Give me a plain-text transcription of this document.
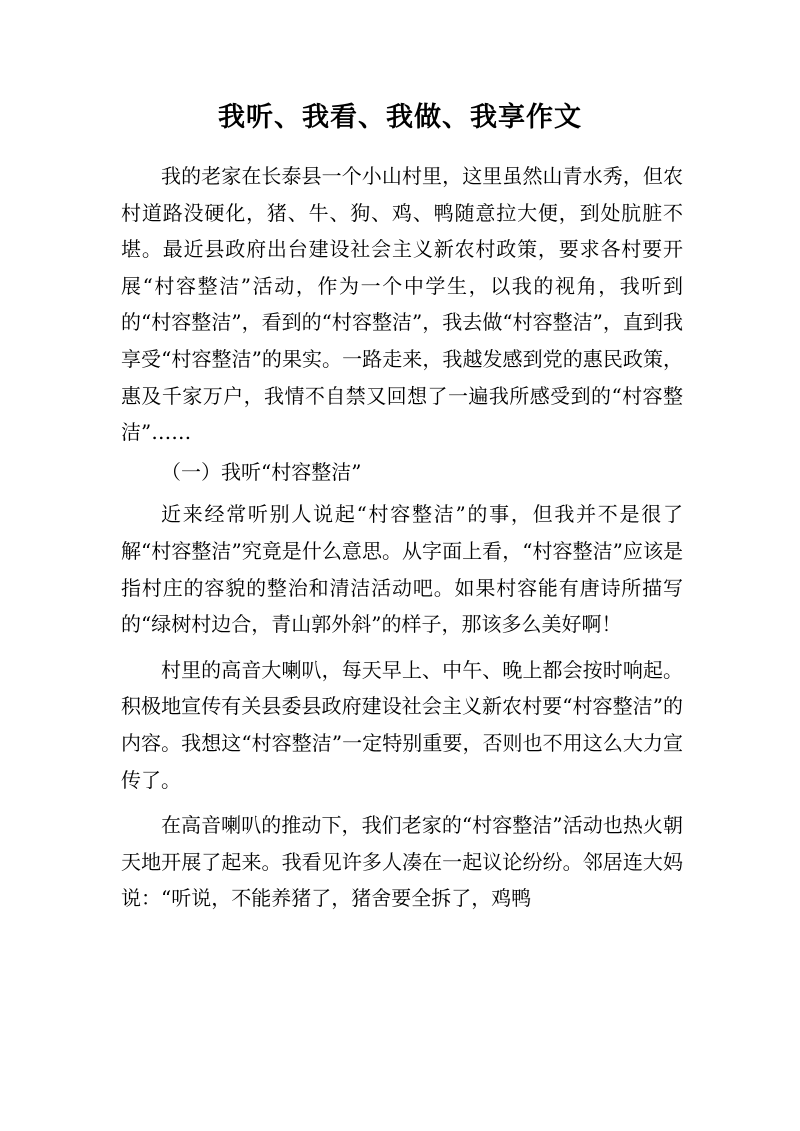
我听、我看、我做、我享作文

我的老家在长泰县一个小山村里，这里虽然山青水秀，但农村道路没硬化，猪、牛、狗、鸡、鸭随意拉大便，到处肮脏不堪。最近县政府出台建设社会主义新农村政策，要求各村要开展“村容整洁”活动，作为一个中学生，以我的视角，我听到的“村容整洁”，看到的“村容整洁”，我去做“村容整洁”，直到我享受“村容整洁”的果实。一路走来，我越发感到党的惠民政策，惠及千家万户，我情不自禁又回想了一遍我所感受到的“村容整洁”……

（一）我听“村容整洁”

近来经常听别人说起“村容整洁”的事，但我并不是很了解“村容整洁”究竟是什么意思。从字面上看，“村容整洁”应该是指村庄的容貌的整治和清洁活动吧。如果村容能有唐诗所描写的“绿树村边合，青山郭外斜”的样子，那该多么美好啊！

村里的高音大喇叭，每天早上、中午、晚上都会按时响起。积极地宣传有关县委县政府建设社会主义新农村要“村容整洁”的内容。我想这“村容整洁”一定特别重要，否则也不用这么大力宣传了。

在高音喇叭的推动下，我们老家的“村容整洁”活动也热火朝天地开展了起来。我看见许多人凑在一起议论纷纷。邻居连大妈说：“听说，不能养猪了，猪舍要全拆了，鸡鸭
